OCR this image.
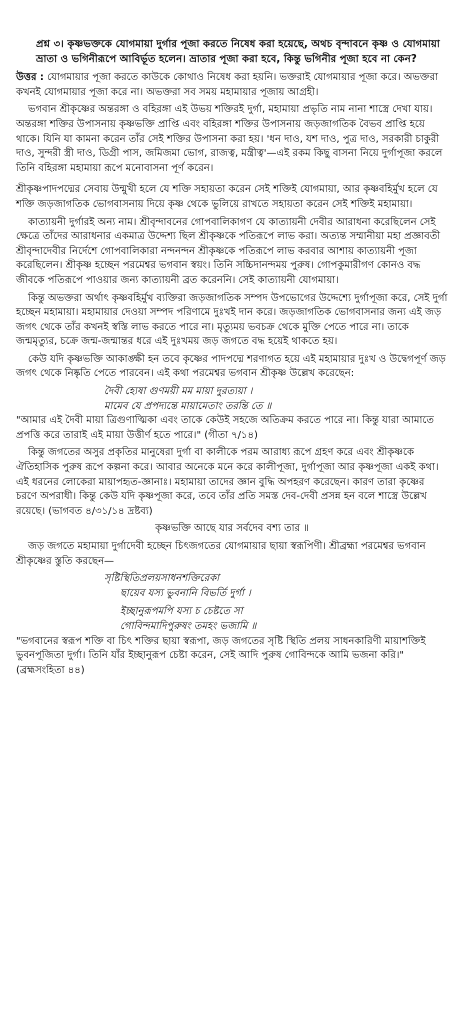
প্রশ্ন ৩। কৃষ্ণভক্তকে যোগমায়া দুর্গার পূজা করতে নিষেধ করা হয়েছে, অথচ বৃন্দাবনে কৃষ্ণ ও যোগমায়া ভ্রাতা ও ভগিনীরূপে আবির্ভূত হলেন। ভ্রাতার পূজা করা হবে, কিন্তু ভগিনীর পূজা হবে না কেন?
উত্তর : যোগমায়ার পূজা করতে কাউকে কোথাও নিষেধ করা হয়নি। ভক্তরাই যোগমায়ার পূজা করে। অভক্তরা কখনই যোগমায়ার পূজা করে না। অভক্তরা সব সময় মহামায়ার পূজায় আগ্রহী।
ভগবান শ্রীকৃষ্ণের অন্তরঙ্গা ও বহিরঙ্গা এই উভয় শক্তিরই দুর্গা, মহামায়া প্রভৃতি নাম নানা শাস্ত্রে দেখা যায়। অন্তরঙ্গা শক্তির উপাসনায় কৃষ্ণভক্তি প্রাপ্তি এবং বহিরঙ্গা শক্তির উপাসনায় জড়জাগতিক বৈভব প্রাপ্তি হয়ে থাকে। যিনি যা কামনা করেন তাঁর সেই শক্তির উপাসনা করা হয়। 'ধন দাও, যশ দাও, পুত্র দাও, সরকারী চাকুরী দাও, সুন্দরী স্ত্রী দাও, ডিগ্রী পাস, জমিজমা ভোগ, রাজত্ব, মন্ত্রীত্ব'—এই রকম কিছু বাসনা নিয়ে দুর্গাপূজা করলে তিনি বহিরঙ্গা মহামায়া রূপে মনোবাসনা পূর্ণ করেন।
শ্রীকৃষ্ণপাদপদ্মের সেবায় উন্মুখী হলে যে শক্তি সহায়তা করেন সেই শক্তিই যোগমায়া, আর কৃষ্ণবহির্মুখ হলে যে শক্তি জড়জাগতিক ভোগবাসনায় দিয়ে কৃষ্ণ থেকে ভুলিয়ে রাখতে সহায়তা করেন সেই শক্তিই মহামায়া।
কাত্যায়নী দুর্গারই অন্য নাম। শ্রীবৃন্দাবনের গোপবালিকাগণ যে কাত্যায়নী দেবীর আরাধনা করেছিলেন সেই ক্ষেত্রে তাঁদের আরাধনার একমাত্র উদ্দেশ্য ছিল শ্রীকৃষ্ণকে পতিরূপে লাভ করা। অত্যন্ত সম্মানীয়া মহা প্রজ্ঞাবতী শ্রীবৃন্দাদেবীর নির্দেশে গোপবালিকারা নন্দনন্দন শ্রীকৃষ্ণকে পতিরূপে লাভ করবার আশায় কাত্যায়নী পূজা করেছিলেন। শ্রীকৃষ্ণ হচ্ছেন পরমেশ্বর ভগবান স্বয়ং। তিনি সচ্চিদানন্দময় পুরুষ। গোপকুমারীগণ কোনও বদ্ধ জীবকে পতিরূপে পাওয়ার জন্য কাত্যায়নী ব্রত করেননি। সেই কাত্যায়নী যোগমায়া।
কিন্তু অভক্তরা অর্থাৎ কৃষ্ণবহির্মুখ ব্যক্তিরা জড়জাগতিক সম্পদ উপভোগের উদ্দেশ্যে দুর্গাপূজা করে, সেই দুর্গা হচ্ছেন মহামায়া। মহামায়ার দেওয়া সম্পদ পরিণামে দুঃখই দান করে। জড়জাগতিক ভোগবাসনার জন্য এই জড় জগৎ থেকে তাঁর কখনই স্বস্তি লাভ করতে পারে না। মৃত্যুময় ভবচক্র থেকে মুক্তি পেতে পারে না। তাকে জন্মমৃত্যুর, চক্রে জন্ম-জন্মান্তর ধরে এই দুঃখময় জড় জগতে বদ্ধ হয়েই থাকতে হয়।
কেউ যদি কৃষ্ণভক্তি আকাঙ্ক্ষী হন তবে কৃষ্ণের পাদপদ্মে শরণাগত হয়ে এই মহামায়ার দুঃখ ও উদ্বেগপূর্ণ জড় জগৎ থেকে নিষ্কৃতি পেতে পারবেন। এই কথা পরমেশ্বর ভগবান শ্রীকৃষ্ণ উল্লেখ করেছেন:
দৈবী হ্যেষা গুণময়ী মম মায়া দুরত্যয়া ।
মামেব যে প্রপদ্যন্তে মায়ামেতাং তরন্তি তে ॥
"আমার এই দৈবী মায়া ত্রিগুণাত্মিকা এবং তাকে কেউই সহজে অতিক্রম করতে পারে না। কিন্তু যারা আমাতে প্রপত্তি করে তারাই এই মায়া উত্তীর্ণ হতে পারে।" (গীতা ৭/১৪)
কিন্তু জগতের অসুর প্রকৃতির মানুষেরা দুর্গা বা কালীকে পরম আরাধ্য রূপে গ্রহণ করে এবং শ্রীকৃষ্ণকে ঐতিহাসিক পুরুষ রূপে কল্পনা করে। আবার অনেকে মনে করে কালীপূজা, দুর্গাপূজা আর কৃষ্ণপূজা একই কথা। এই ধরনের লোকেরা মায়াপহৃত-জ্ঞানাঃ। মহামায়া তাদের জ্ঞান বুদ্ধি অপহরণ করেছেন। কারণ তারা কৃষ্ণের চরণে অপরাধী। কিন্তু কেউ যদি কৃষ্ণপূজা করে, তবে তাঁর প্রতি সমস্ত দেব-দেবী প্রসন্ন হন বলে শাস্ত্রে উল্লেখ রয়েছে। (ভাগবত ৪/৩১/১৪ দ্রষ্টব্য)
কৃষ্ণভক্তি আছে যার সর্বদেব বশ্য তার ॥
জড় জগতে মহামায়া দুর্গাদেবী হচ্ছেন চিৎজগতের যোগমায়ার ছায়া স্বরূপিণী। শ্রীব্রহ্মা পরমেশ্বর ভগবান শ্রীকৃষ্ণের স্তুতি করছেন—
সৃষ্টিস্থিতিপ্রলয়সাধনশক্তিরেকা
ছায়েব যস্য ভুবনানি বিভর্তি দুর্গা ।
ইচ্ছানুরূপমপি যস্য চ চেষ্টতে সা
গোবিন্দমাদিপুরুষং তমহং ভজামি ॥
"ভগবানের স্বরূপ শক্তি বা চিৎ শক্তির ছায়া স্বরূপা, জড় জগতের সৃষ্টি স্থিতি প্রলয় সাধনকারিণী মায়াশক্তিই ভুবনপূজিতা দুর্গা। তিনি যাঁর ইচ্ছানুরূপ চেষ্টা করেন, সেই আদি পুরুষ গোবিন্দকে আমি ভজনা করি।" (ব্রহ্মসংহিতা ৪৪)
